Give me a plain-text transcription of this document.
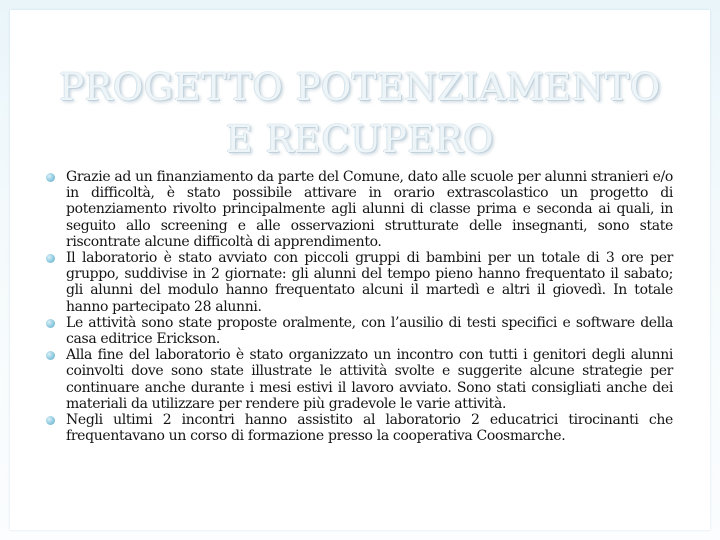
PROGETTO POTENZIAMENTO
E RECUPERO
Grazie ad un finanziamento da parte del Comune, dato alle scuole per alunni stranieri e/o in difficoltà, è stato possibile attivare in orario extrascolastico un progetto di potenziamento rivolto principalmente agli alunni di classe prima e seconda ai quali, in seguito allo screening e alle osservazioni strutturate delle insegnanti, sono state riscontrate alcune difficoltà di apprendimento.
Il laboratorio è stato avviato con piccoli gruppi di bambini per un totale di 3 ore per gruppo, suddivise in 2 giornate: gli alunni del tempo pieno hanno frequentato il sabato; gli alunni del modulo hanno frequentato alcuni il martedì e altri il giovedì. In totale hanno partecipato 28 alunni.
Le attività sono state proposte oralmente, con l’ausilio di testi specifici e software della casa editrice Erickson.
Alla fine del laboratorio è stato organizzato un incontro con tutti i genitori degli alunni coinvolti dove sono state illustrate le attività svolte e suggerite alcune strategie per continuare anche durante i mesi estivi il lavoro avviato. Sono stati consigliati anche dei materiali da utilizzare per rendere più gradevole le varie attività.
Negli ultimi 2 incontri hanno assistito al laboratorio 2 educatrici tirocinanti che frequentavano un corso di formazione presso la cooperativa Coosmarche.
